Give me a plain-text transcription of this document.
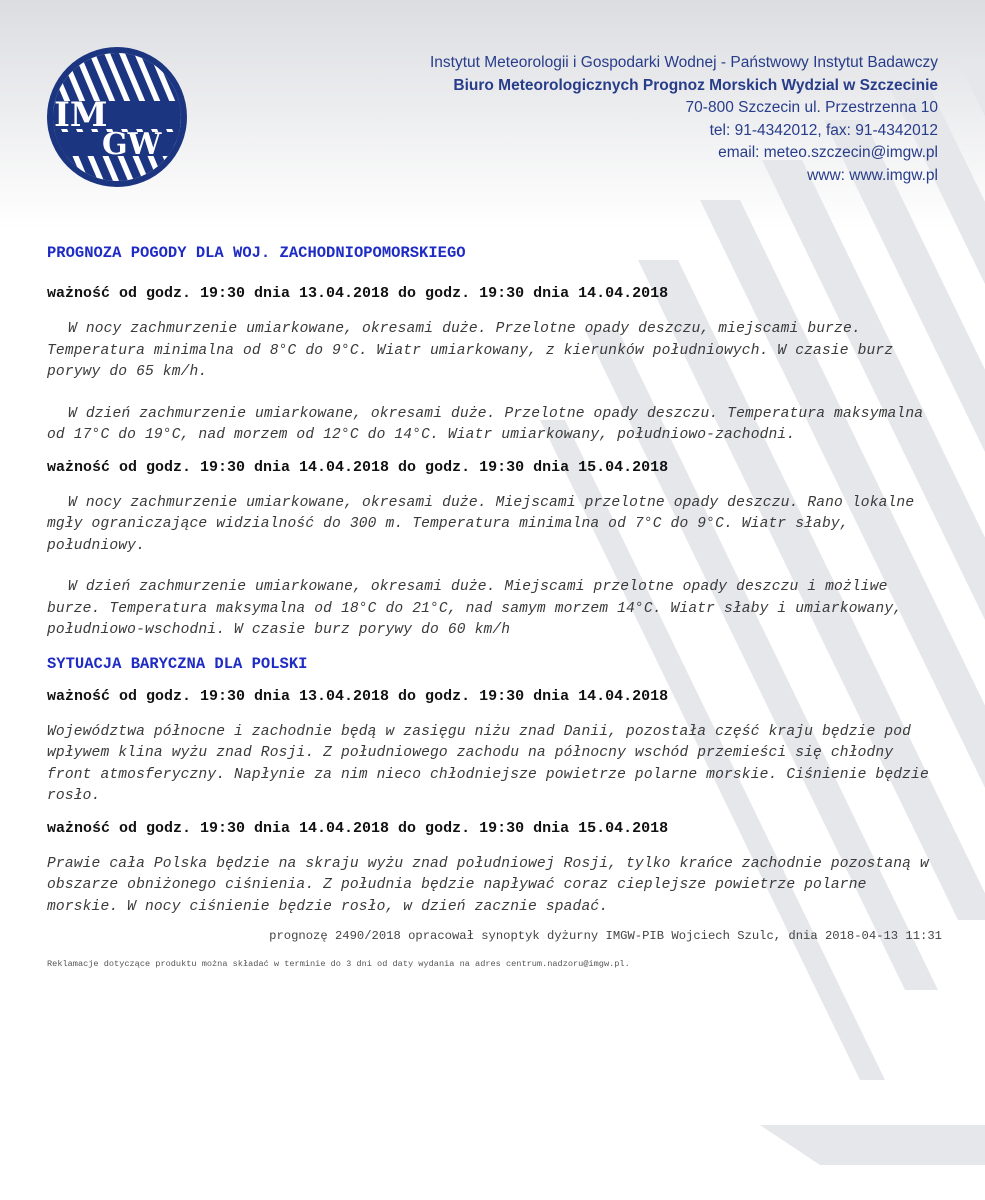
IM
GW
Instytut Meteorologii i Gospodarki Wodnej - Państwowy Instytut Badawczy
Biuro Meteorologicznych Prognoz Morskich Wydzial w Szczecinie
70-800 Szczecin ul. Przestrzenna 10
tel: 91-4342012, fax: 91-4342012
email: meteo.szczecin@imgw.pl
www: www.imgw.pl

PROGNOZA POGODY DLA WOJ. ZACHODNIOPOMORSKIEGO

ważność od godz. 19:30 dnia 13.04.2018 do godz. 19:30 dnia 14.04.2018

W nocy zachmurzenie umiarkowane, okresami duże. Przelotne opady deszczu, miejscami burze. Temperatura minimalna od 8°C do 9°C. Wiatr umiarkowany, z kierunków południowych. W czasie burz porywy do 65 km/h.

W dzień zachmurzenie umiarkowane, okresami duże. Przelotne opady deszczu. Temperatura maksymalna od 17°C do 19°C, nad morzem od 12°C do 14°C. Wiatr umiarkowany, południowo-zachodni.

ważność od godz. 19:30 dnia 14.04.2018 do godz. 19:30 dnia 15.04.2018

W nocy zachmurzenie umiarkowane, okresami duże. Miejscami przelotne opady deszczu. Rano lokalne mgły ograniczające widzialność do 300 m. Temperatura minimalna od 7°C do 9°C. Wiatr słaby, południowy.

W dzień zachmurzenie umiarkowane, okresami duże. Miejscami przelotne opady deszczu i możliwe burze. Temperatura maksymalna od 18°C do 21°C, nad samym morzem 14°C. Wiatr słaby i umiarkowany, południowo-wschodni. W czasie burz porywy do 60 km/h

SYTUACJA BARYCZNA DLA POLSKI

ważność od godz. 19:30 dnia 13.04.2018 do godz. 19:30 dnia 14.04.2018

Województwa północne i zachodnie będą w zasięgu niżu znad Danii, pozostała część kraju będzie pod wpływem klina wyżu znad Rosji. Z południowego zachodu na północny wschód przemieści się chłodny front atmosferyczny. Napłynie za nim nieco chłodniejsze powietrze polarne morskie. Ciśnienie będzie rosło.

ważność od godz. 19:30 dnia 14.04.2018 do godz. 19:30 dnia 15.04.2018

Prawie cała Polska będzie na skraju wyżu znad południowej Rosji, tylko krańce zachodnie pozostaną w obszarze obniżonego ciśnienia. Z południa będzie napływać coraz cieplejsze powietrze polarne morskie. W nocy ciśnienie będzie rosło, w dzień zacznie spadać.

prognozę 2490/2018 opracował synoptyk dyżurny IMGW-PIB Wojciech Szulc, dnia 2018-04-13 11:31

Reklamacje dotyczące produktu można składać w terminie do 3 dni od daty wydania na adres centrum.nadzoru@imgw.pl.
